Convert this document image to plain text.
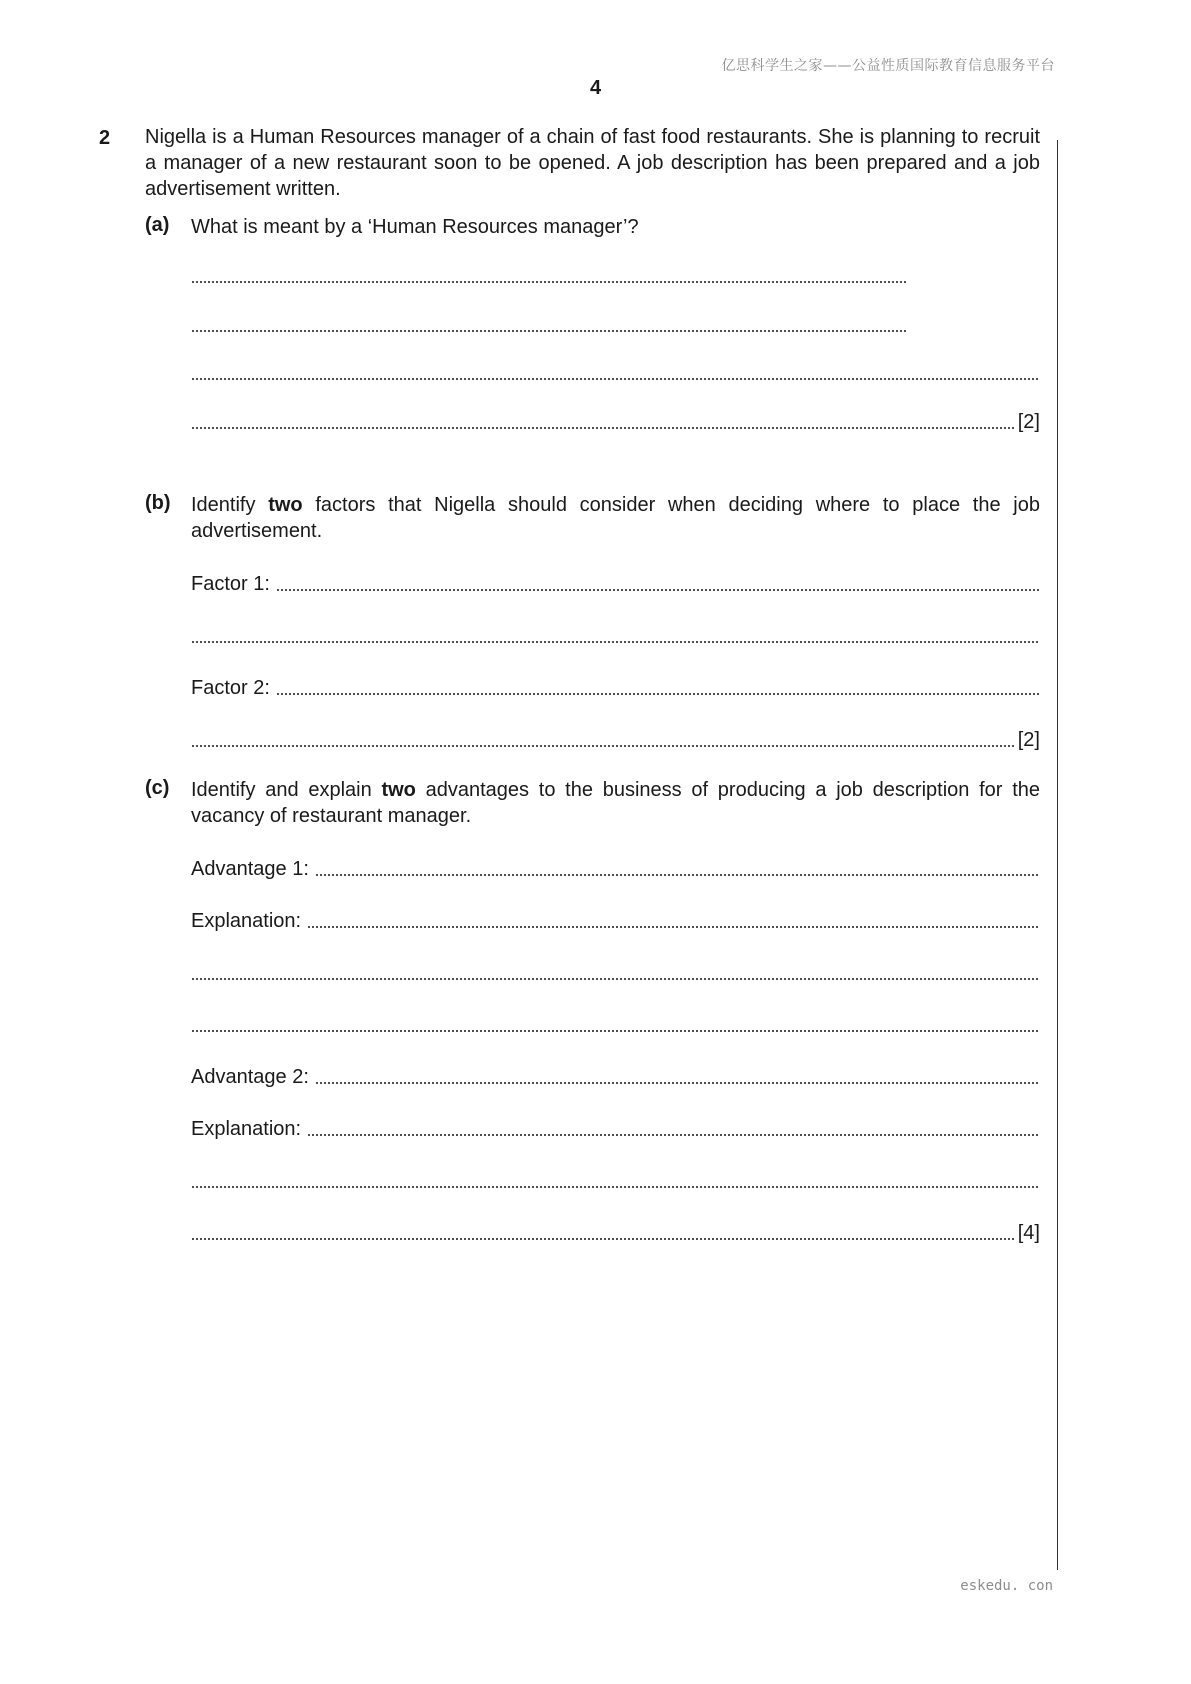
亿思科学生之家——公益性质国际教育信息服务平台
4
2 Nigella is a Human Resources manager of a chain of fast food restaurants. She is planning to recruit a manager of a new restaurant soon to be opened. A job description has been prepared and a job advertisement written.
(a) What is meant by a ‘Human Resources manager’?
[2]
(b) Identify two factors that Nigella should consider when deciding where to place the job advertisement.
Factor 1:
Factor 2:
[2]
(c) Identify and explain two advantages to the business of producing a job description for the vacancy of restaurant manager.
Advantage 1:
Explanation:
Advantage 2:
Explanation:
[4]
eskedu. con
